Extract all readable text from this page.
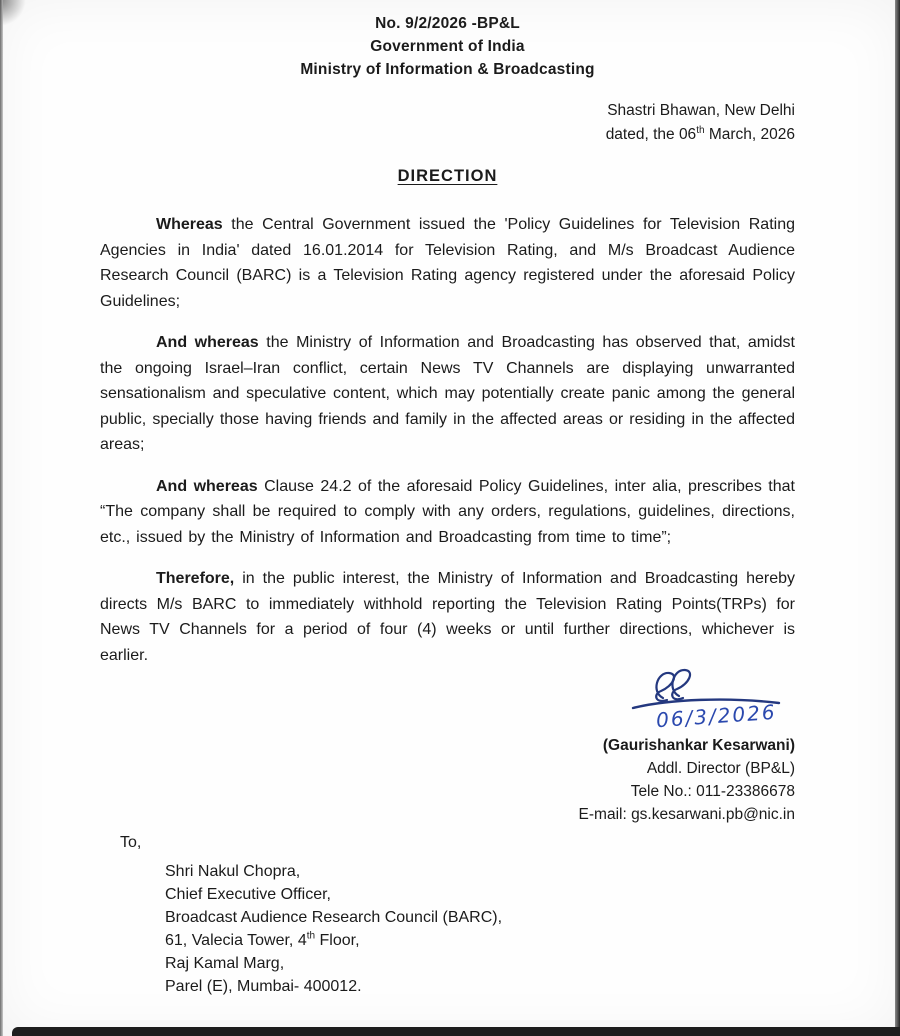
No. 9/2/2026 -BP&L
Government of India
Ministry of Information & Broadcasting
Shastri Bhawan, New Delhi
dated, the 06th March, 2026
DIRECTION

Whereas the Central Government issued the 'Policy Guidelines for Television Rating Agencies in India' dated 16.01.2014 for Television Rating, and M/s Broadcast Audience Research Council (BARC) is a Television Rating agency registered under the aforesaid Policy Guidelines;

And whereas the Ministry of Information and Broadcasting has observed that, amidst the ongoing Israel–Iran conflict, certain News TV Channels are displaying unwarranted sensationalism and speculative content, which may potentially create panic among the general public, specially those having friends and family in the affected areas or residing in the affected areas;

And whereas Clause 24.2 of the aforesaid Policy Guidelines, inter alia, prescribes that “The company shall be required to comply with any orders, regulations, guidelines, directions, etc., issued by the Ministry of Information and Broadcasting from time to time”;

Therefore, in the public interest, the Ministry of Information and Broadcasting hereby directs M/s BARC to immediately withhold reporting the Television Rating Points(TRPs) for News TV Channels for a period of four (4) weeks or until further directions, whichever is earlier.

06/3/2026
(Gaurishankar Kesarwani)
Addl. Director (BP&L)
Tele No.: 011-23386678
E-mail: gs.kesarwani.pb@nic.in
To,
Shri Nakul Chopra,
Chief Executive Officer,
Broadcast Audience Research Council (BARC),
61, Valecia Tower, 4th Floor,
Raj Kamal Marg,
Parel (E), Mumbai- 400012.
